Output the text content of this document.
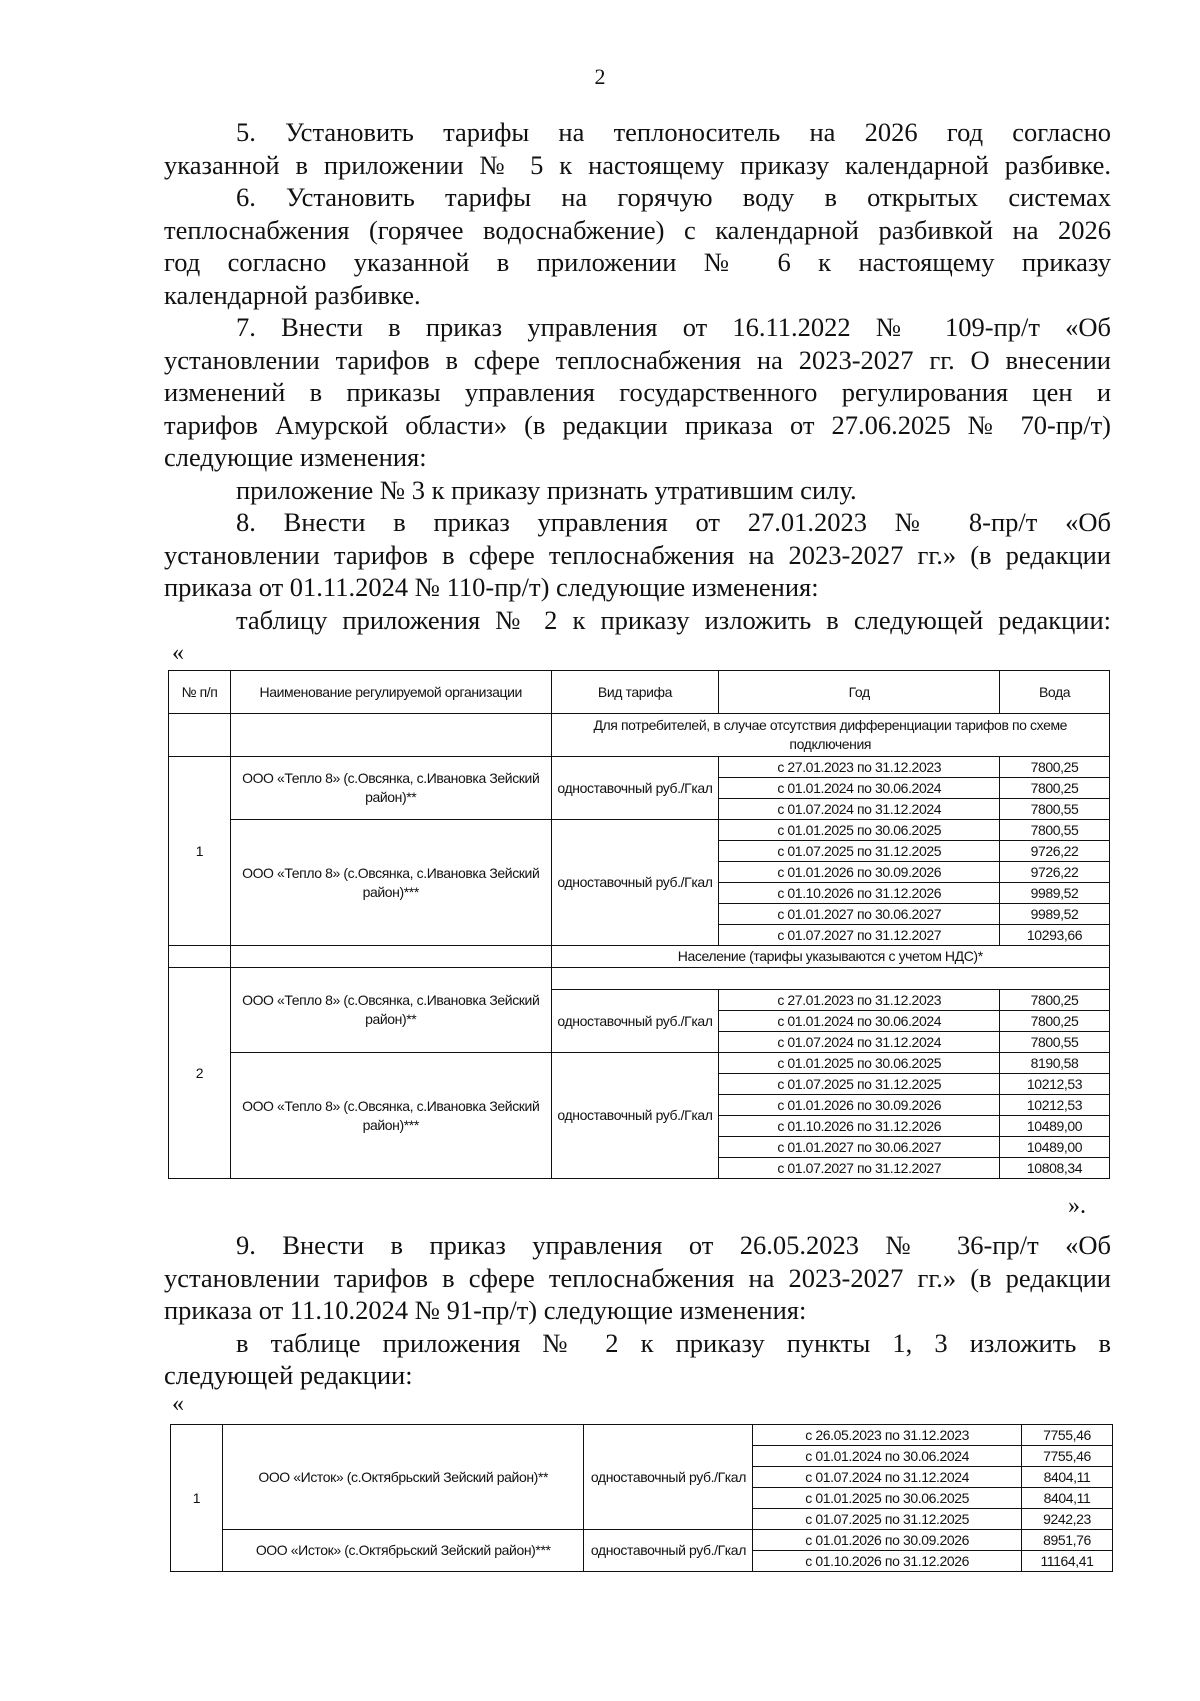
2
5. Установить тарифы на теплоноситель на 2026 год согласно
указанной в приложении № 5 к настоящему приказу календарной разбивке.
6. Установить тарифы на горячую воду в открытых системах
теплоснабжения (горячее водоснабжение) с календарной разбивкой на 2026
год согласно указанной в приложении № 6 к настоящему приказу
календарной разбивке.
7. Внести в приказ управления от 16.11.2022 № 109-пр/т «Об
установлении тарифов в сфере теплоснабжения на 2023-2027 гг. О внесении
изменений в приказы управления государственного регулирования цен и
тарифов Амурской области» (в редакции приказа от 27.06.2025 № 70-пр/т)
следующие изменения:
приложение № 3 к приказу признать утратившим силу.
8. Внести в приказ управления от 27.01.2023 № 8-пр/т «Об
установлении тарифов в сфере теплоснабжения на 2023-2027 гг.» (в редакции
приказа от 01.11.2024 № 110-пр/т) следующие изменения:
таблицу приложения № 2 к приказу изложить в следующей редакции:
«
№ п/п	Наименование регулируемой организации	Вид тарифа	Год	Вода
		Для потребителей, в случае отсутствия дифференциации тарифов по схеме подключения		
1	ООО «Тепло 8» (с.Овсянка, с.Ивановка Зейский район)**	одноставочный руб./Гкал	с 27.01.2023 по 31.12.2023	7800,25
			с 01.01.2024 по 30.06.2024	7800,25
			с 01.07.2024 по 31.12.2024	7800,55
	ООО «Тепло 8» (с.Овсянка, с.Ивановка Зейский район)***	одноставочный руб./Гкал	с 01.01.2025 по 30.06.2025	7800,55
			с 01.07.2025 по 31.12.2025	9726,22
			с 01.01.2026 по 30.09.2026	9726,22
			с 01.10.2026 по 31.12.2026	9989,52
			с 01.01.2027 по 30.06.2027	9989,52
			с 01.07.2027 по 31.12.2027	10293,66
		Население (тарифы указываются с учетом НДС)*		
2	ООО «Тепло 8» (с.Овсянка, с.Ивановка Зейский район)**			
		одноставочный руб./Гкал	с 27.01.2023 по 31.12.2023	7800,25
			с 01.01.2024 по 30.06.2024	7800,25
			с 01.07.2024 по 31.12.2024	7800,55
	ООО «Тепло 8» (с.Овсянка, с.Ивановка Зейский район)***	одноставочный руб./Гкал	с 01.01.2025 по 30.06.2025	8190,58
			с 01.07.2025 по 31.12.2025	10212,53
			с 01.01.2026 по 30.09.2026	10212,53
			с 01.10.2026 по 31.12.2026	10489,00
			с 01.01.2027 по 30.06.2027	10489,00
			с 01.07.2027 по 31.12.2027	10808,34
».
9. Внести в приказ управления от 26.05.2023 № 36-пр/т «Об
установлении тарифов в сфере теплоснабжения на 2023-2027 гг.» (в редакции
приказа от 11.10.2024 № 91-пр/т) следующие изменения:
в таблице приложения № 2 к приказу пункты 1, 3 изложить в
следующей редакции:
«
1	ООО «Исток» (с.Октябрьский Зейский район)**	одноставочный руб./Гкал	с 26.05.2023 по 31.12.2023	7755,46
			с 01.01.2024 по 30.06.2024	7755,46
			с 01.07.2024 по 31.12.2024	8404,11
			с 01.01.2025 по 30.06.2025	8404,11
			с 01.07.2025 по 31.12.2025	9242,23
	ООО «Исток» (с.Октябрьский Зейский район)***	одноставочный руб./Гкал	с 01.01.2026 по 30.09.2026	8951,76
			с 01.10.2026 по 31.12.2026	11164,41
